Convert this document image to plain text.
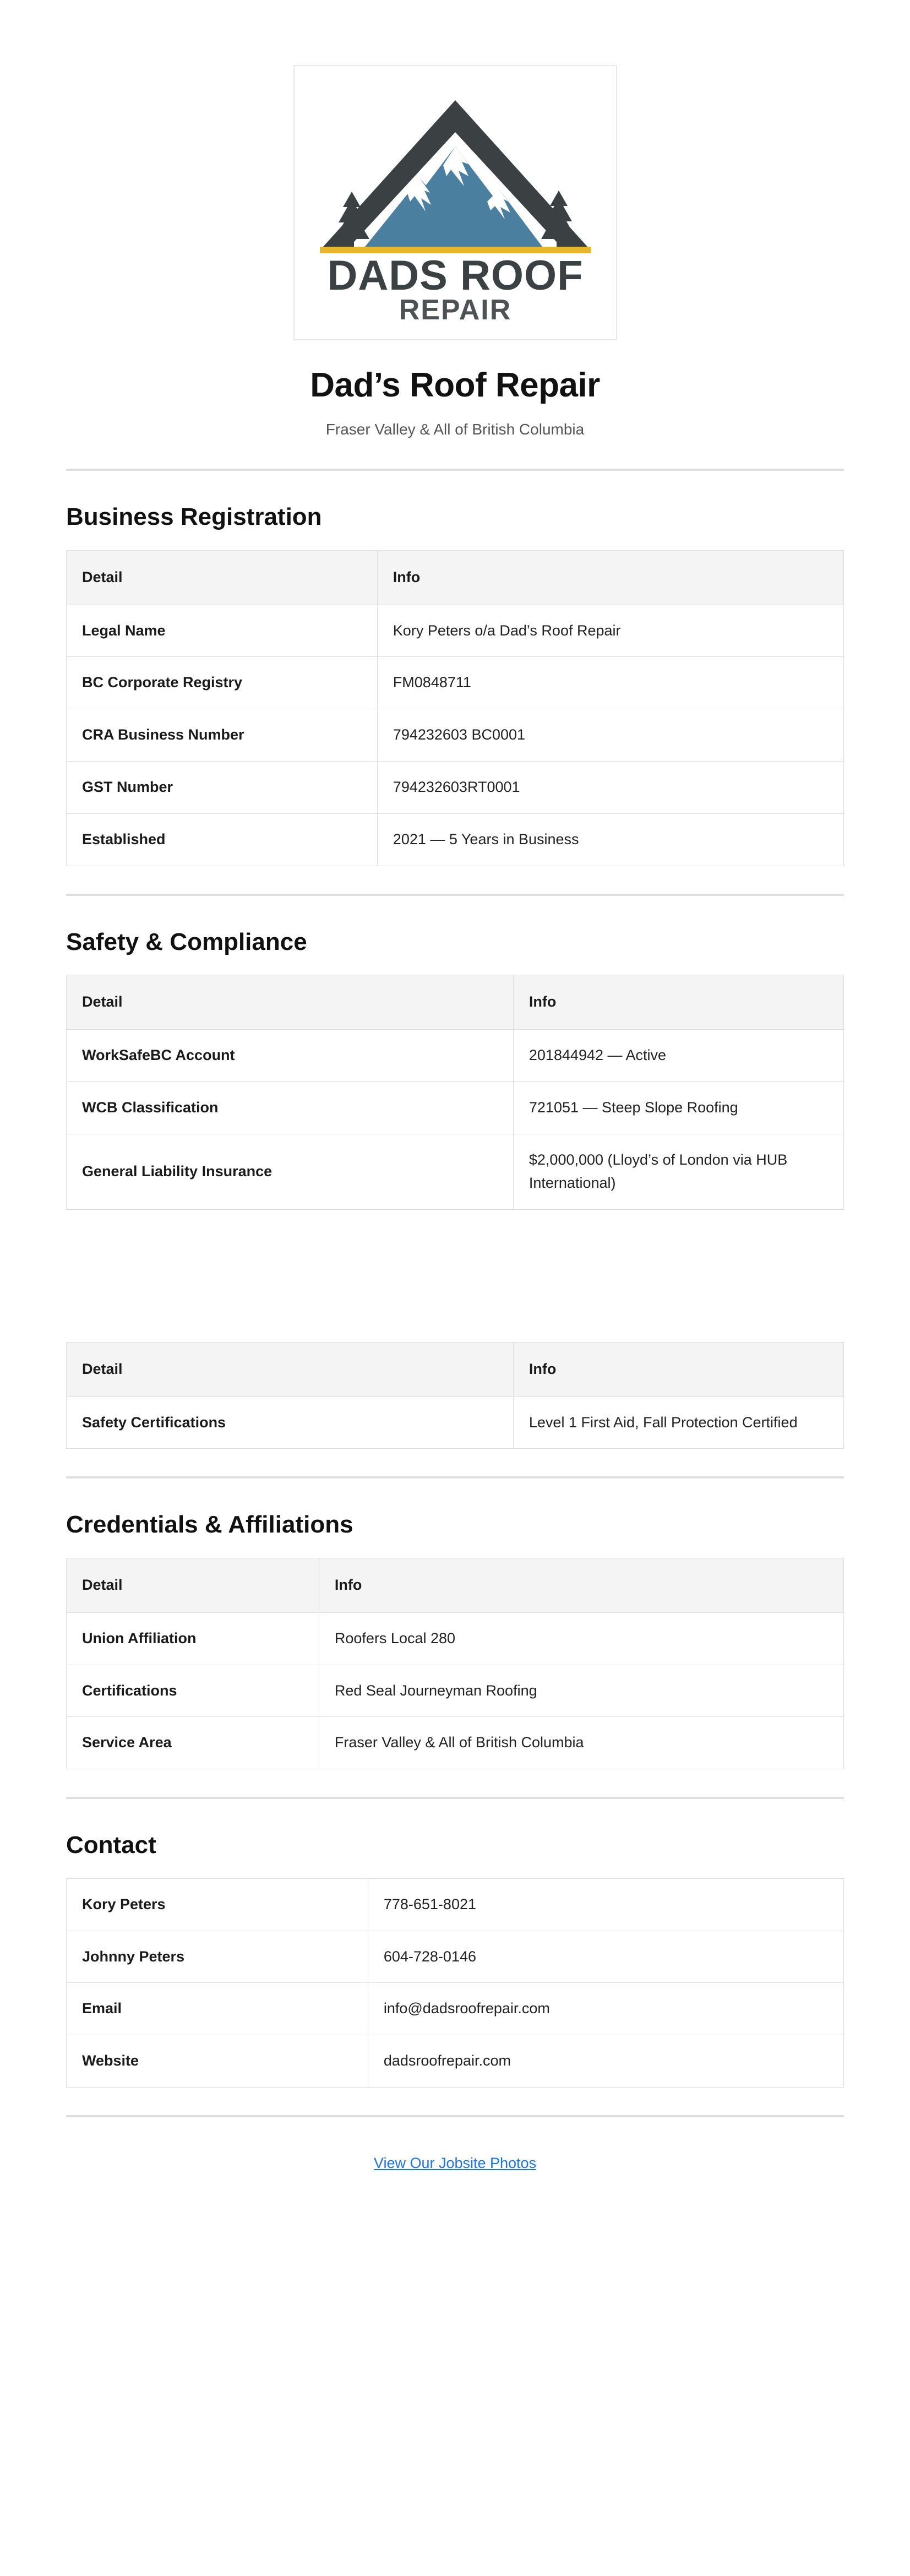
DADS ROOF
REPAIR
Dad’s Roof Repair
Fraser Valley & All of British Columbia
Business Registration
Detail	Info
Legal Name	Kory Peters o/a Dad’s Roof Repair
BC Corporate Registry	FM0848711
CRA Business Number	794232603 BC0001
GST Number	794232603RT0001
Established	2021 — 5 Years in Business
Safety & Compliance
Detail	Info
WorkSafeBC Account	201844942 — Active
WCB Classification	721051 — Steep Slope Roofing
General Liability Insurance	$2,000,000 (Lloyd’s of London via HUB International)
Detail	Info
Safety Certifications	Level 1 First Aid, Fall Protection Certified
Credentials & Affiliations
Detail	Info
Union Affiliation	Roofers Local 280
Certifications	Red Seal Journeyman Roofing
Service Area	Fraser Valley & All of British Columbia
Contact
Kory Peters	778-651-8021
Johnny Peters	604-728-0146
Email	info@dadsroofrepair.com
Website	dadsroofrepair.com
View Our Jobsite Photos
